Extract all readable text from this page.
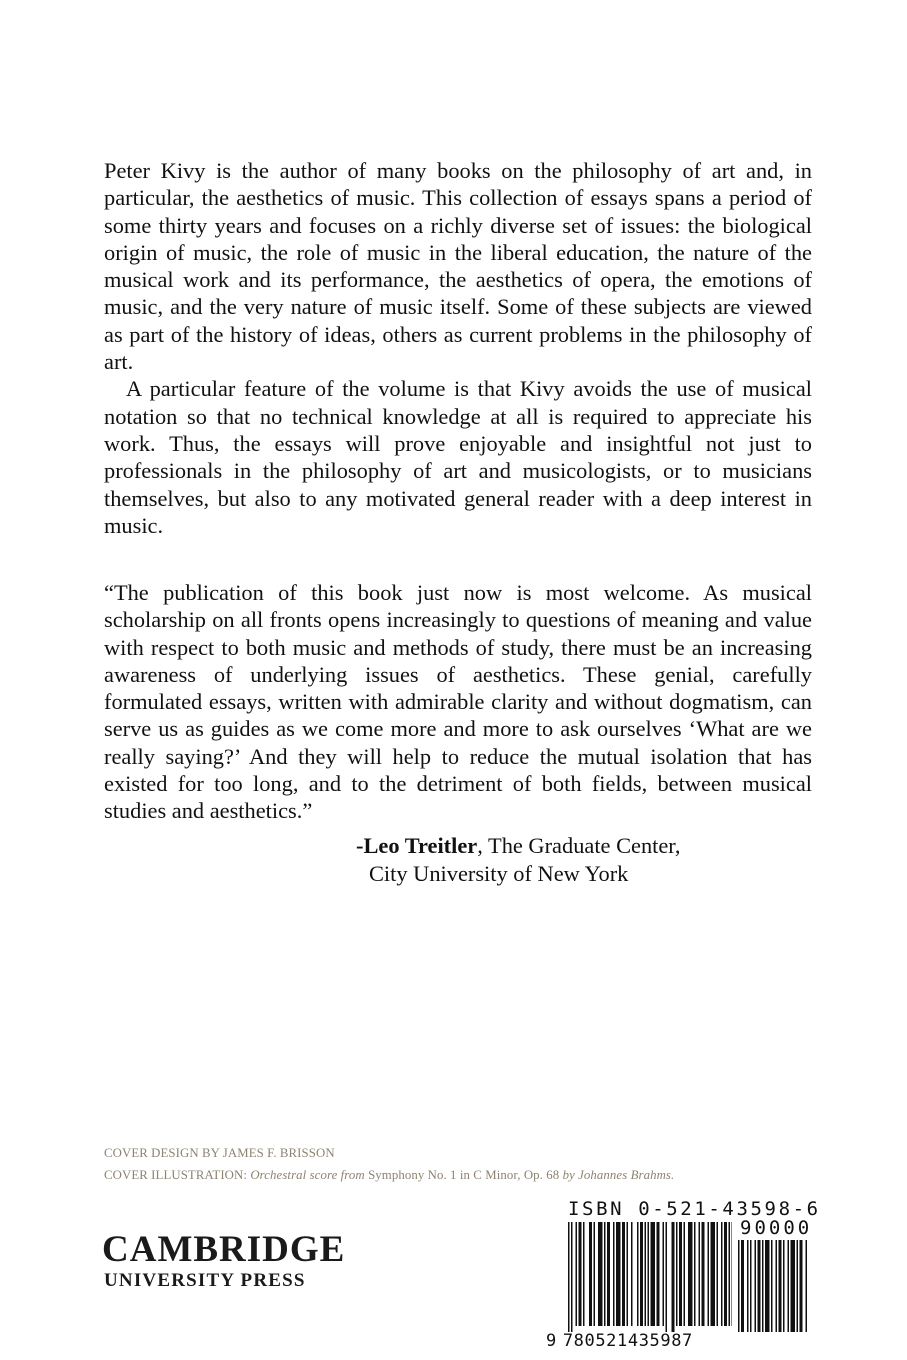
Peter Kivy is the author of many books on the philosophy of art and, in particular, the aesthetics of music. This collection of essays spans a period of some thirty years and focuses on a richly diverse set of issues: the biological origin of music, the role of music in the liberal education, the nature of the musical work and its performance, the aesthetics of opera, the emotions of music, and the very nature of music itself. Some of these subjects are viewed as part of the history of ideas, others as current problems in the philosophy of art.

A particular feature of the volume is that Kivy avoids the use of musical notation so that no technical knowledge at all is required to appreciate his work. Thus, the essays will prove enjoyable and insightful not just to professionals in the philosophy of art and musicologists, or to musicians themselves, but also to any motivated general reader with a deep interest in music.

“The publication of this book just now is most welcome. As musical scholarship on all fronts opens increasingly to questions of meaning and value with respect to both music and methods of study, there must be an increasing awareness of underlying issues of aesthetics. These genial, carefully formulated essays, written with admirable clarity and without dogmatism, can serve us as guides as we come more and more to ask ourselves ‘What are we really saying?’ And they will help to reduce the mutual isolation that has existed for too long, and to the detriment of both fields, between musical studies and aesthetics.”
-Leo Treitler, The Graduate Center,
City University of New York
COVER DESIGN BY JAMES F. BRISSON
COVER ILLUSTRATION: Orchestral score from Symphony No. 1 in C Minor, Op. 68 by Johannes Brahms.
CAMBRIDGE
UNIVERSITY PRESS
ISBN 0-521-43598-6
90000
9 780521435987
